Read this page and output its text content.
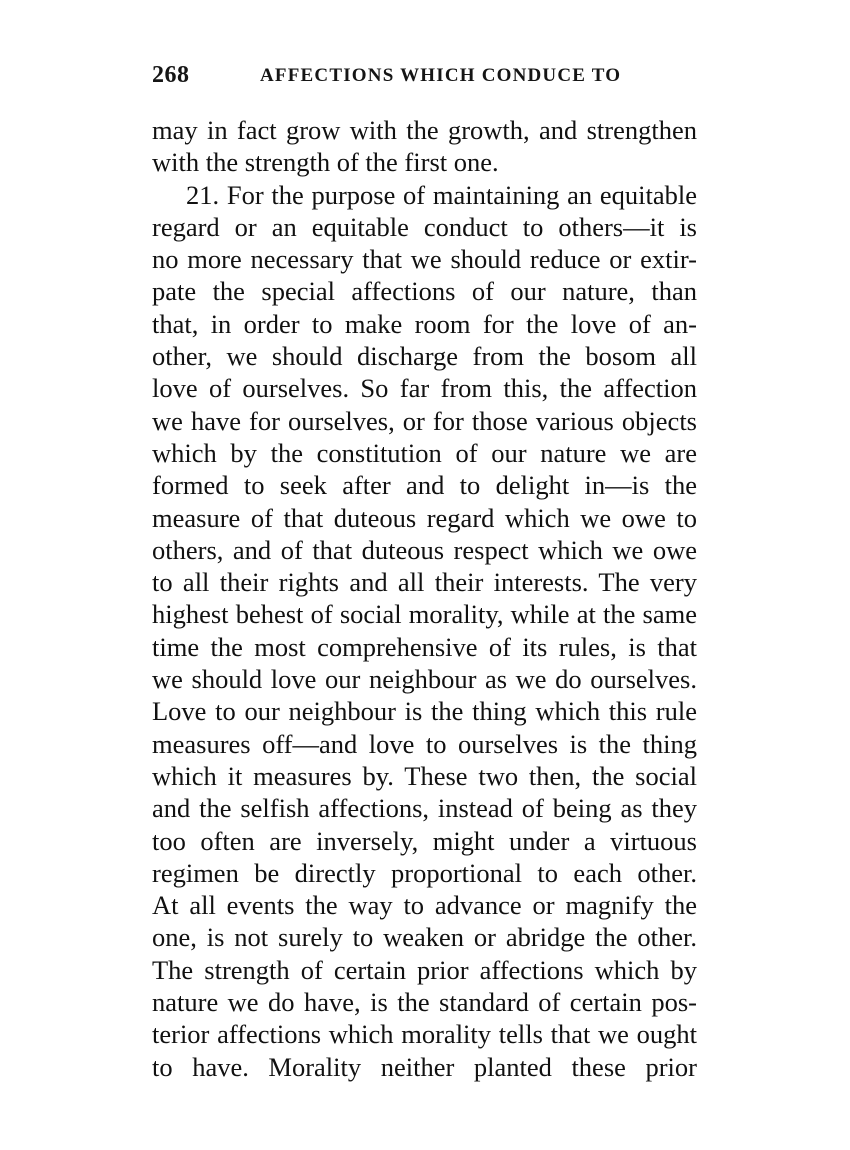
268	AFFECTIONS WHICH CONDUCE TO
may in fact grow with the growth, and strengthen
with the strength of the first one.
21. For the purpose of maintaining an equitable
regard or an equitable conduct to others—it is
no more necessary that we should reduce or extir-
pate the special affections of our nature, than
that, in order to make room for the love of an-
other, we should discharge from the bosom all
love of ourselves. So far from this, the affection
we have for ourselves, or for those various objects
which by the constitution of our nature we are
formed to seek after and to delight in—is the
measure of that duteous regard which we owe to
others, and of that duteous respect which we owe
to all their rights and all their interests. The very
highest behest of social morality, while at the same
time the most comprehensive of its rules, is that
we should love our neighbour as we do ourselves.
Love to our neighbour is the thing which this rule
measures off—and love to ourselves is the thing
which it measures by. These two then, the social
and the selfish affections, instead of being as they
too often are inversely, might under a virtuous
regimen be directly proportional to each other.
At all events the way to advance or magnify the
one, is not surely to weaken or abridge the other.
The strength of certain prior affections which by
nature we do have, is the standard of certain pos-
terior affections which morality tells that we ought
to have. Morality neither planted these prior
